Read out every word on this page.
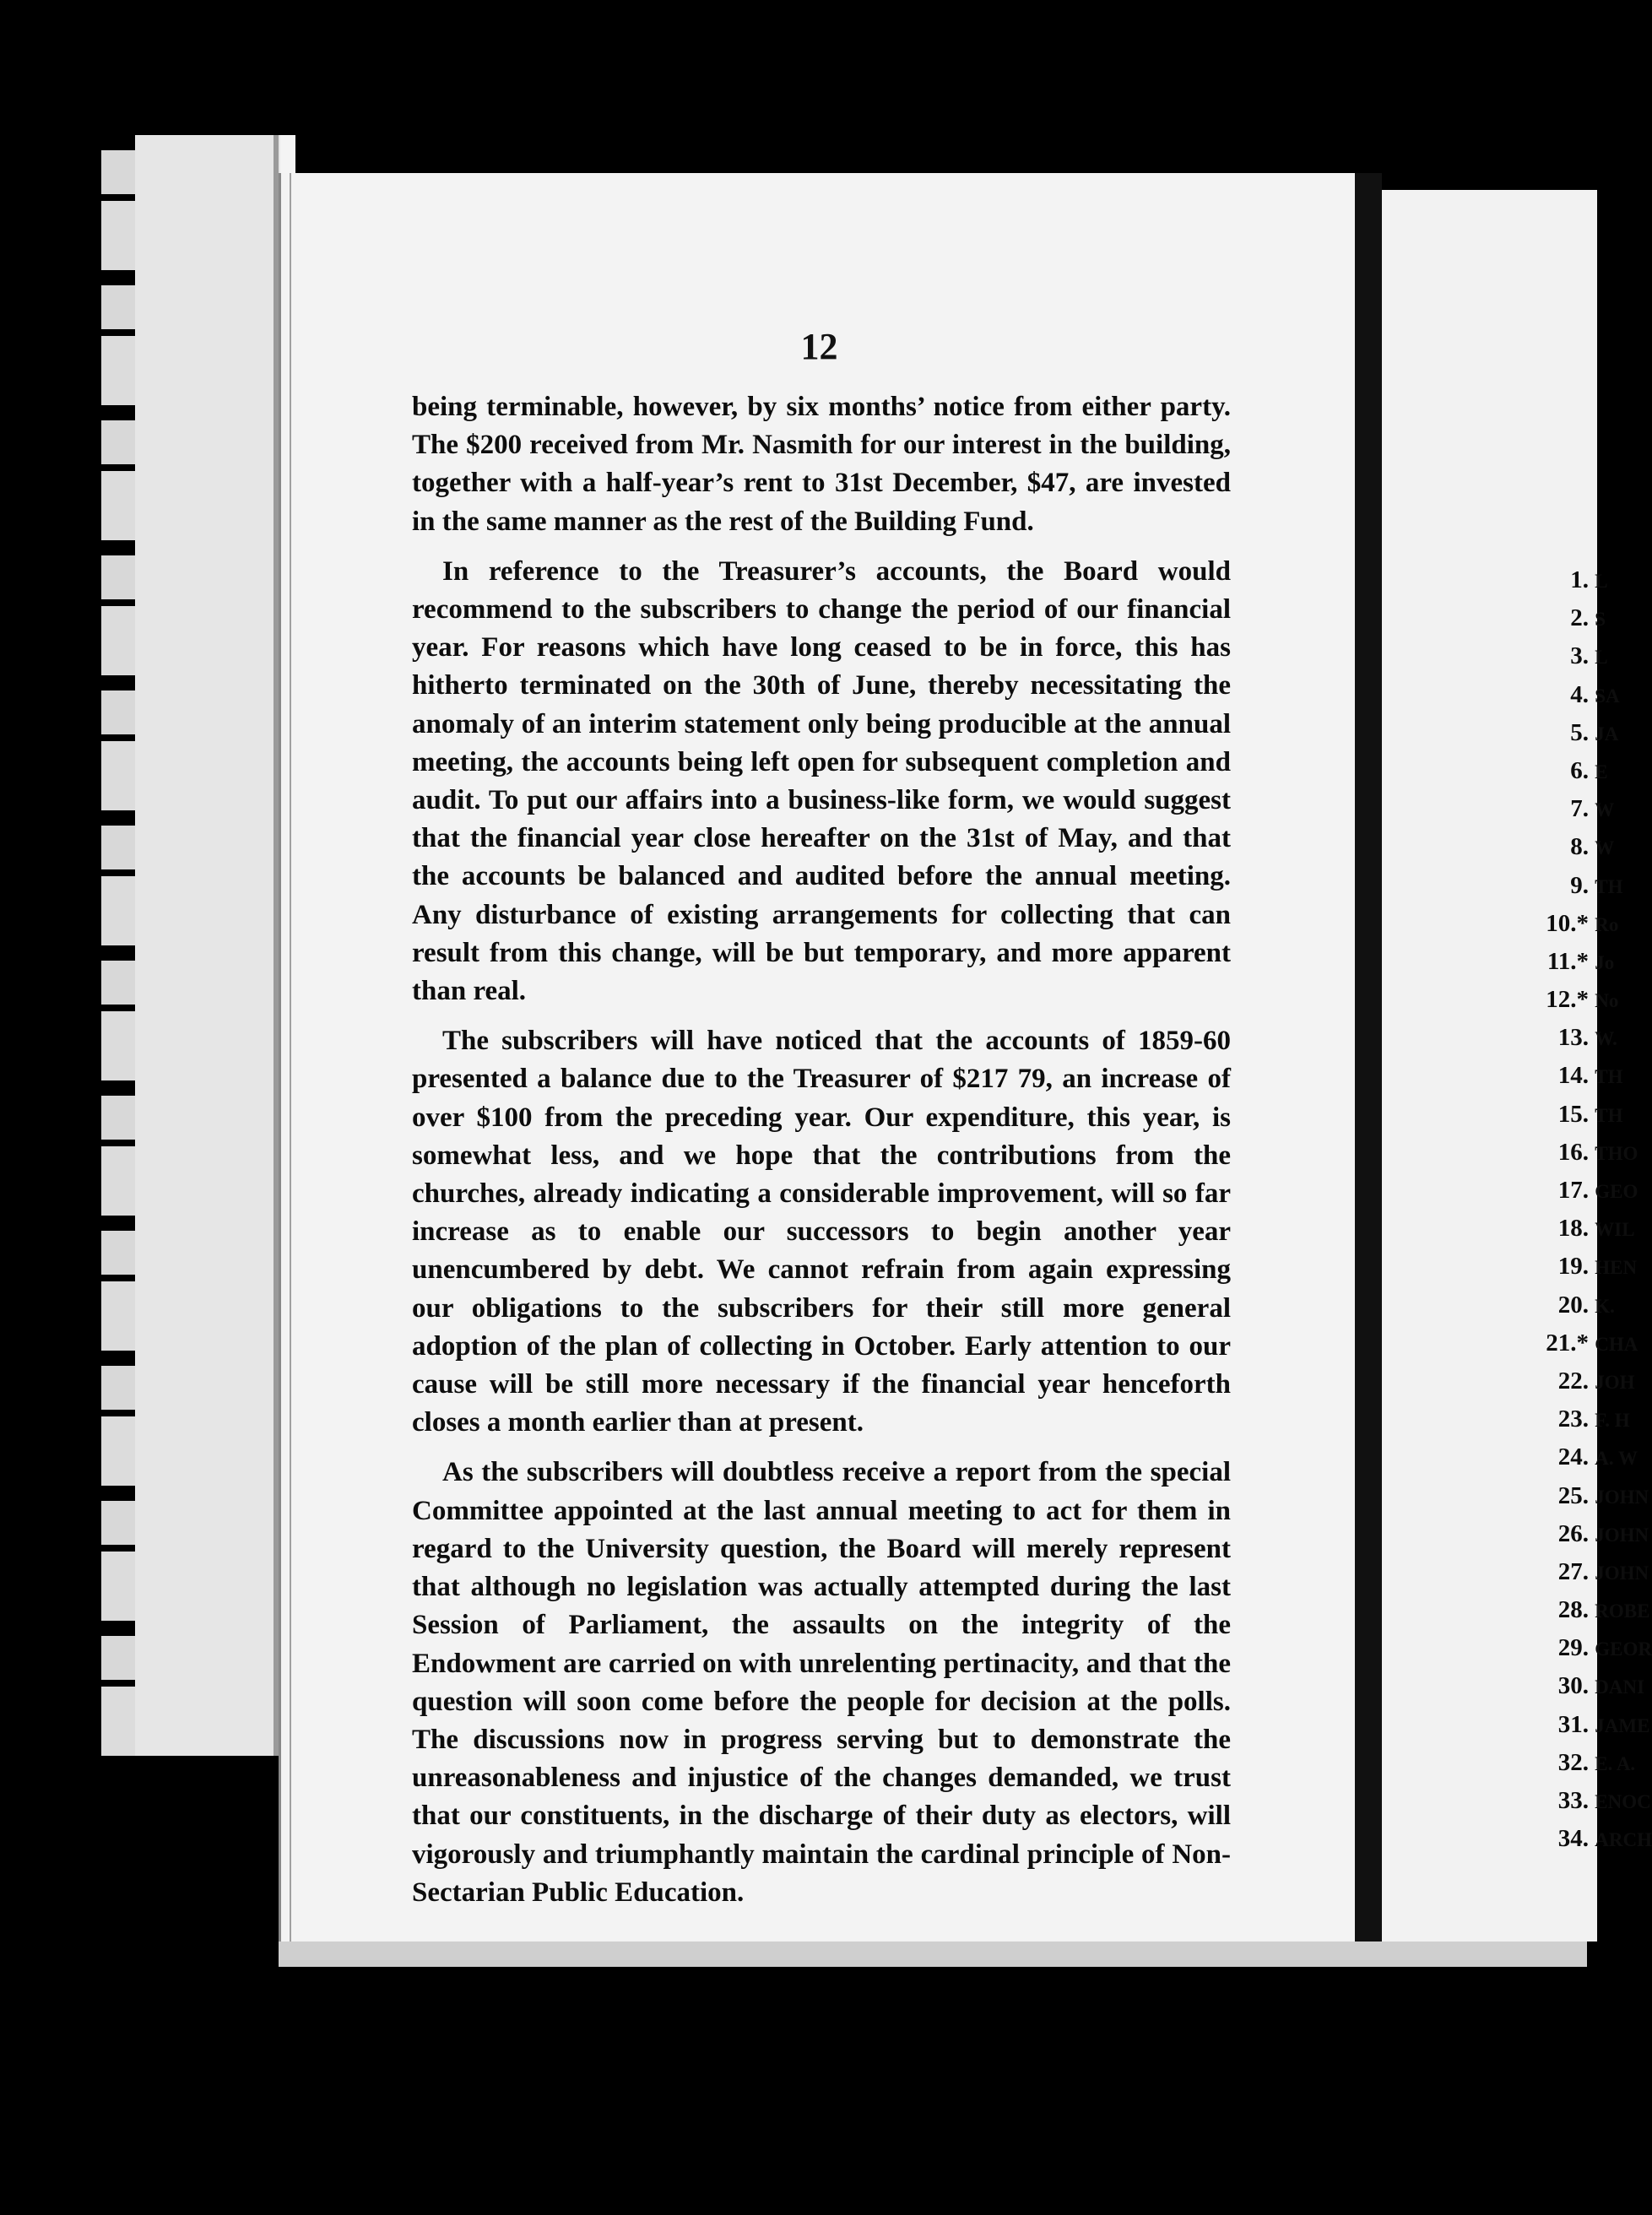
12

being terminable, however, by six months’ notice from either party. The $200 received from Mr. Nasmith for our interest in the building, together with a half-year’s rent to 31st December, $47, are invested in the same manner as the rest of the Building Fund.

In reference to the Treasurer’s accounts, the Board would recommend to the subscribers to change the period of our financial year. For reasons which have long ceased to be in force, this has hitherto terminated on the 30th of June, thereby necessitating the anomaly of an interim statement only being producible at the annual meeting, the accounts being left open for subsequent completion and audit. To put our affairs into a business-like form, we would suggest that the financial year close hereafter on the 31st of May, and that the accounts be balanced and audited before the annual meeting. Any disturbance of existing arrangements for collecting that can result from this change, will be but temporary, and more apparent than real.

The subscribers will have noticed that the accounts of 1859-60 presented a balance due to the Treasurer of $217 79, an increase of over $100 from the preceding year. Our expenditure, this year, is somewhat less, and we hope that the contributions from the churches, already indicating a considerable improvement, will so far increase as to enable our successors to begin another year unencumbered by debt. We cannot refrain from again expressing our obligations to the subscribers for their still more general adoption of the plan of collecting in October. Early attention to our cause will be still more necessary if the financial year henceforth closes a month earlier than at present.

As the subscribers will doubtless receive a report from the special Committee appointed at the last annual meeting to act for them in regard to the University question, the Board will merely represent that although no legislation was actually attempted during the last Session of Parliament, the assaults on the integrity of the Endowment are carried on with unrelenting pertinacity, and that the question will soon come before the people for decision at the polls. The discussions now in progress serving but to demonstrate the unreasonableness and injustice of the changes demanded, we trust that our constituents, in the discharge of their duty as electors, will vigorously and triumphantly maintain the cardinal principle of Non-Sectarian Public Education.

1. L
2. S
3. L
4. SA
5. JA
6. E
7. W
8. W
9. TH
10.* Ro
11.* Jo
12.* No
13. W.
14. TH
15. TH
16. THO
17. GEO
18. WIL
19. HEN
20. K.
21.* CHA
22. JOH
23. F. H
24. A. W
25. JOHN
26. JOHN
27. JOHN
28. ROBE
29. GEOR
30. DANI
31. JAME
32. E. A.
33. ENOC
34. ARCH
